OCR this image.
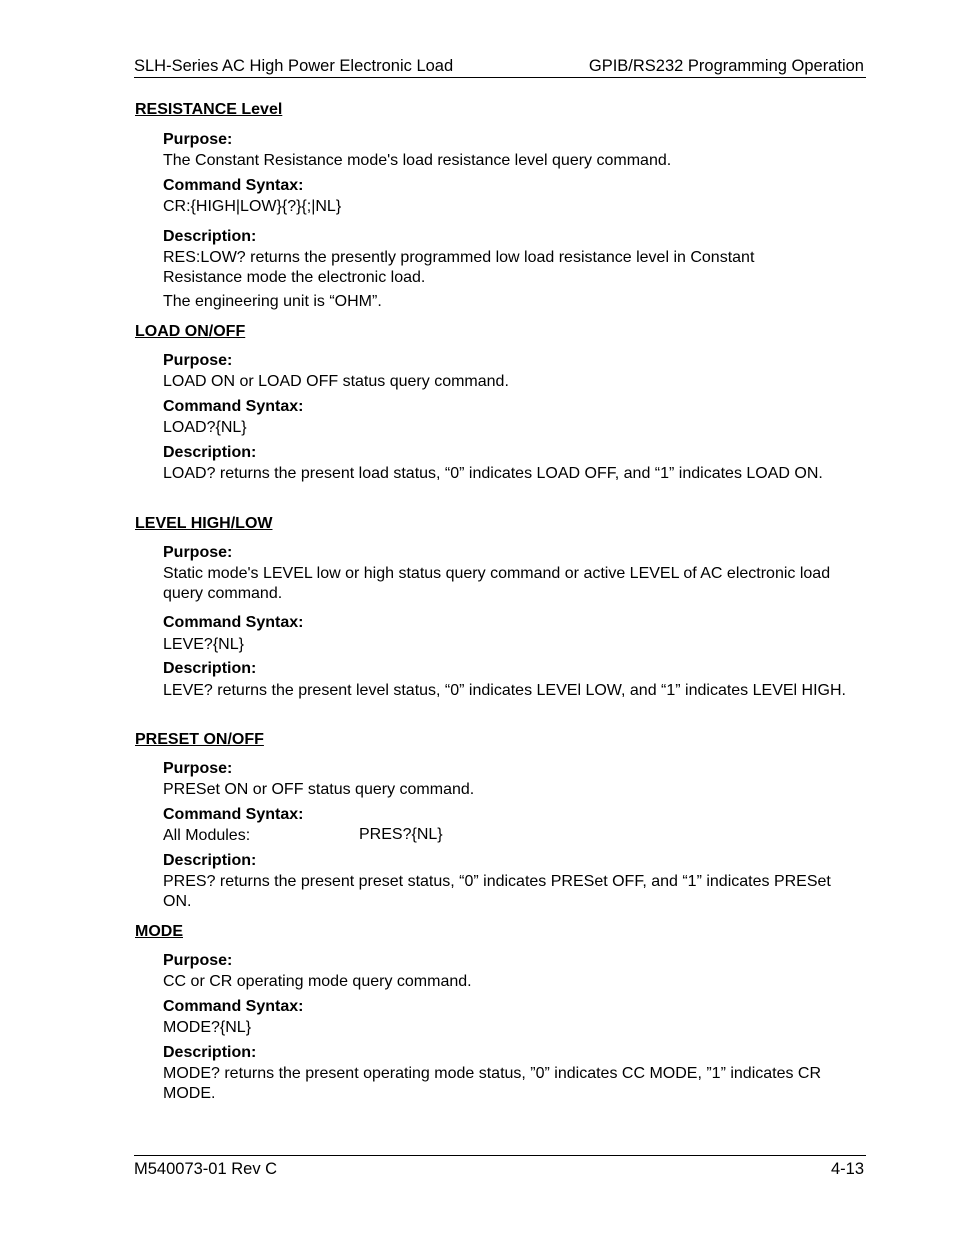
SLH-Series AC High Power Electronic Load	GPIB/RS232 Programming Operation
RESISTANCE Level
Purpose:
The Constant Resistance mode's load resistance level query command.
Command Syntax:
CR:{HIGH|LOW}{?}{;|NL}
Description:
RES:LOW? returns the presently programmed low load resistance level in Constant Resistance mode the electronic load.
The engineering unit is “OHM”.
LOAD ON/OFF
Purpose:
LOAD ON or LOAD OFF status query command.
Command Syntax:
LOAD?{NL}
Description:
LOAD? returns the present load status, “0” indicates LOAD OFF, and “1” indicates LOAD ON.
LEVEL HIGH/LOW
Purpose:
Static mode's LEVEL low or high status query command or active LEVEL of AC electronic load query command.
Command Syntax:
LEVE?{NL}
Description:
LEVE? returns the present level status, “0” indicates LEVEl LOW, and “1” indicates LEVEl HIGH.
PRESET ON/OFF
Purpose:
PRESet ON or OFF status query command.
Command Syntax:
All Modules:	PRES?{NL}
Description:
PRES? returns the present preset status, “0” indicates PRESet OFF, and “1” indicates PRESet ON.
MODE
Purpose:
CC or CR operating mode query command.
Command Syntax:
MODE?{NL}
Description:
MODE? returns the present operating mode status, ”0” indicates CC MODE, ”1” indicates CR MODE.
M540073-01 Rev C	4-13
